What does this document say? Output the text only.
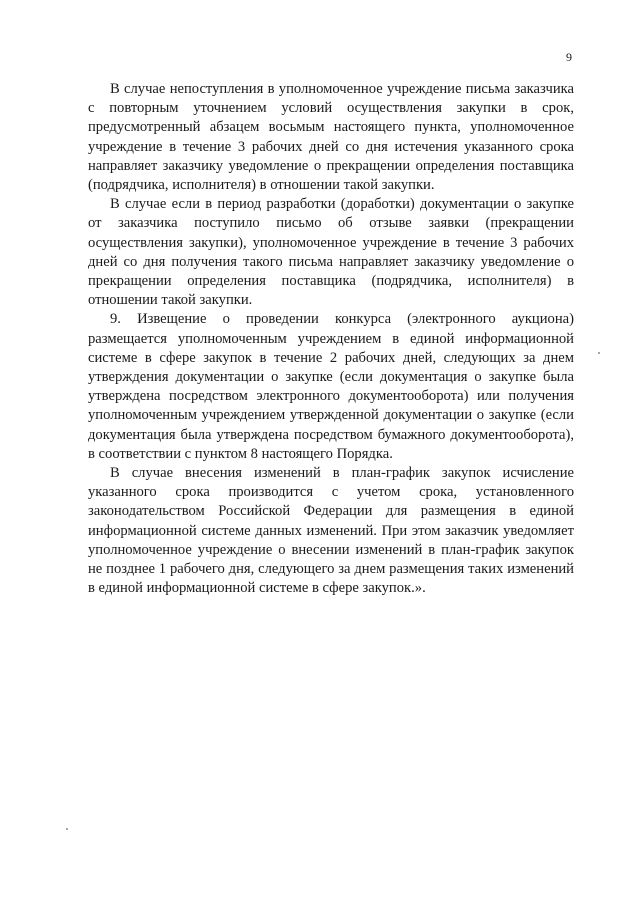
9

В случае непоступления в уполномоченное учреждение письма заказчика с повторным уточнением условий осуществления закупки в срок, предусмотренный абзацем восьмым настоящего пункта, уполномоченное учреждение в течение 3 рабочих дней со дня истечения указанного срока направляет заказчику уведомление о прекращении определения поставщика (подрядчика, исполнителя) в отношении такой закупки.

В случае если в период разработки (доработки) документации о закупке от заказчика поступило письмо об отзыве заявки (прекращении осуществления закупки), уполномоченное учреждение в течение 3 рабочих дней со дня получения такого письма направляет заказчику уведомление о прекращении определения поставщика (подрядчика, исполнителя) в отношении такой закупки.

9. Извещение о проведении конкурса (электронного аукциона) размещается уполномоченным учреждением в единой информационной системе в сфере закупок в течение 2 рабочих дней, следующих за днем утверждения документации о закупке (если документация о закупке была утверждена посредством электронного документооборота) или получения уполномоченным учреждением утвержденной документации о закупке (если документация была утверждена посредством бумажного документооборота), в соответствии с пунктом 8 настоящего Порядка.

В случае внесения изменений в план-график закупок исчисление указанного срока производится с учетом срока, установленного законодательством Российской Федерации для размещения в единой информационной системе данных изменений. При этом заказчик уведомляет уполномоченное учреждение о внесении изменений в план-график закупок не позднее 1 рабочего дня, следующего за днем размещения таких изменений в единой информационной системе в сфере закупок.».
